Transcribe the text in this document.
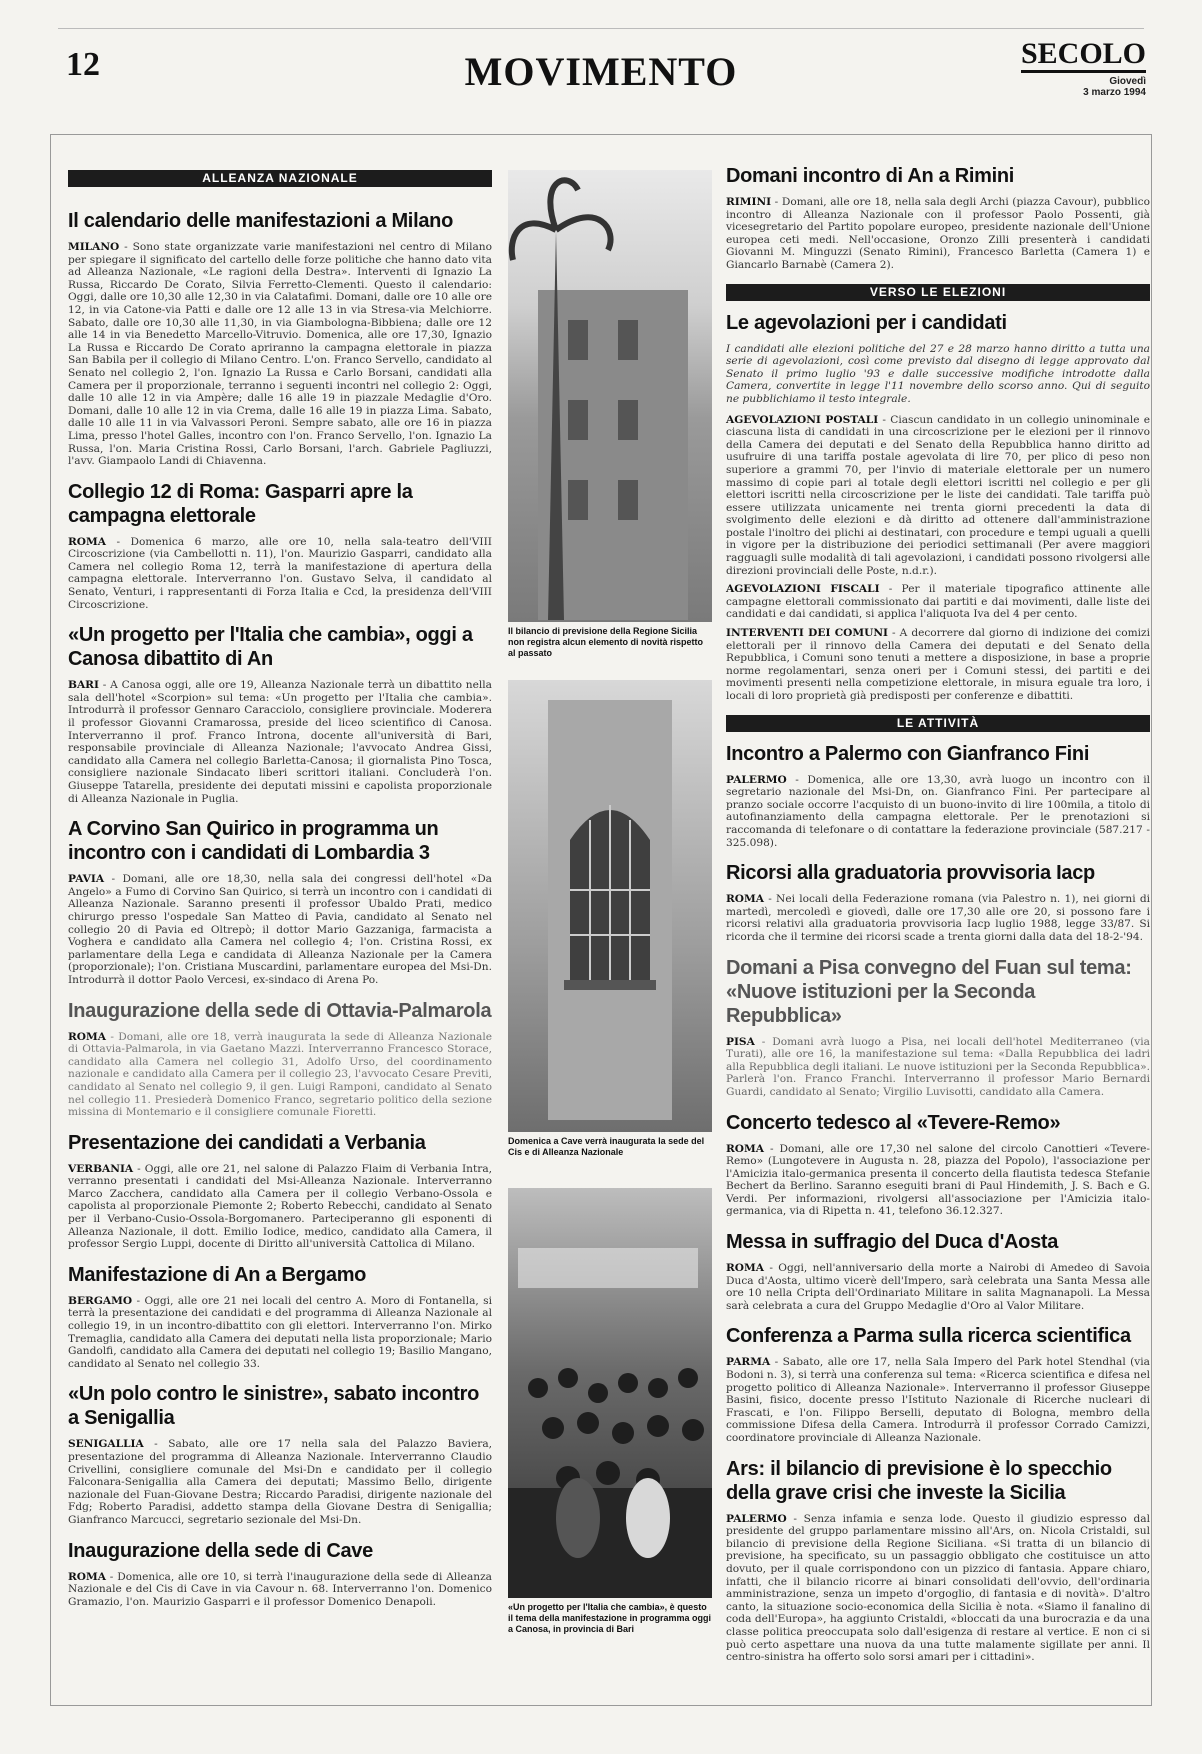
12	MOVIMENTO	SECOLO
Giovedì
3 marzo 1994
ALLEANZA NAZIONALE
Il calendario delle manifestazioni a Milano

MILANO - Sono state organizzate varie manifestazioni nel centro di Milano per spiegare il significato del cartello delle forze politiche che hanno dato vita ad Alleanza Nazionale, «Le ragioni della Destra». Interventi di Ignazio La Russa, Riccardo De Corato, Silvia Ferretto-Clementi. Questo il calendario: Oggi, dalle ore 10,30 alle 12,30 in via Calatafimi. Domani, dalle ore 10 alle ore 12, in via Catone-via Patti e dalle ore 12 alle 13 in via Stresa-via Melchiorre. Sabato, dalle ore 10,30 alle 11,30, in via Giambologna-Bibbiena; dalle ore 12 alle 14 in via Benedetto Marcello-Vitruvio. Domenica, alle ore 17,30, Ignazio La Russa e Riccardo De Corato apriranno la campagna elettorale in piazza San Babila per il collegio di Milano Centro. L'on. Franco Servello, candidato al Senato nel collegio 2, l'on. Ignazio La Russa e Carlo Borsani, candidati alla Camera per il proporzionale, terranno i seguenti incontri nel collegio 2: Oggi, dalle 10 alle 12 in via Ampère; dalle 16 alle 19 in piazzale Medaglie d'Oro. Domani, dalle 10 alle 12 in via Crema, dalle 16 alle 19 in piazza Lima. Sabato, dalle 10 alle 11 in via Valvassori Peroni. Sempre sabato, alle ore 16 in piazza Lima, presso l'hotel Galles, incontro con l'on. Franco Servello, l'on. Ignazio La Russa, l'on. Maria Cristina Rossi, Carlo Borsani, l'arch. Gabriele Pagliuzzi, l'avv. Giampaolo Landi di Chiavenna.

Collegio 12 di Roma: Gasparri apre la campagna elettorale

ROMA - Domenica 6 marzo, alle ore 10, nella sala-teatro dell'VIII Circoscrizione (via Cambellotti n. 11), l'on. Maurizio Gasparri, candidato alla Camera nel collegio Roma 12, terrà la manifestazione di apertura della campagna elettorale. Interverranno l'on. Gustavo Selva, il candidato al Senato, Venturi, i rappresentanti di Forza Italia e Ccd, la presidenza dell'VIII Circoscrizione.

«Un progetto per l'Italia che cambia», oggi a Canosa dibattito di An

BARI - A Canosa oggi, alle ore 19, Alleanza Nazionale terrà un dibattito nella sala dell'hotel «Scorpion» sul tema: «Un progetto per l'Italia che cambia». Introdurrà il professor Gennaro Caracciolo, consigliere provinciale. Moderera il professor Giovanni Cramarossa, preside del liceo scientifico di Canosa. Interverranno il prof. Franco Introna, docente all'università di Bari, responsabile provinciale di Alleanza Nazionale; l'avvocato Andrea Gissi, candidato alla Camera nel collegio Barletta-Canosa; il giornalista Pino Tosca, consigliere nazionale Sindacato liberi scrittori italiani. Concluderà l'on. Giuseppe Tatarella, presidente dei deputati missini e capolista proporzionale di Alleanza Nazionale in Puglia.

A Corvino San Quirico in programma un incontro con i candidati di Lombardia 3

PAVIA - Domani, alle ore 18,30, nella sala dei congressi dell'hotel «Da Angelo» a Fumo di Corvino San Quirico, si terrà un incontro con i candidati di Alleanza Nazionale. Saranno presenti il professor Ubaldo Prati, medico chirurgo presso l'ospedale San Matteo di Pavia, candidato al Senato nel collegio 20 di Pavia ed Oltrepò; il dottor Mario Gazzaniga, farmacista a Voghera e candidato alla Camera nel collegio 4; l'on. Cristina Rossi, ex parlamentare della Lega e candidata di Alleanza Nazionale per la Camera (proporzionale); l'on. Cristiana Muscardini, parlamentare europea del Msi-Dn. Introdurrà il dottor Paolo Vercesi, ex-sindaco di Arena Po.

Inaugurazione della sede di Ottavia-Palmarola

ROMA - Domani, alle ore 18, verrà inaugurata la sede di Alleanza Nazionale di Ottavia-Palmarola, in via Gaetano Mazzi. Interverranno Francesco Storace, candidato alla Camera nel collegio 31, Adolfo Urso, del coordinamento nazionale e candidato alla Camera per il collegio 23, l'avvocato Cesare Previti, candidato al Senato nel collegio 9, il gen. Luigi Ramponi, candidato al Senato nel collegio 11. Presiederà Domenico Franco, segretario politico della sezione missina di Montemario e il consigliere comunale Fioretti.

Presentazione dei candidati a Verbania

VERBANIA - Oggi, alle ore 21, nel salone di Palazzo Flaim di Verbania Intra, verranno presentati i candidati del Msi-Alleanza Nazionale. Interverranno Marco Zacchera, candidato alla Camera per il collegio Verbano-Ossola e capolista al proporzionale Piemonte 2; Roberto Rebecchi, candidato al Senato per il Verbano-Cusio-Ossola-Borgomanero. Parteciperanno gli esponenti di Alleanza Nazionale, il dott. Emilio Iodice, medico, candidato alla Camera, il professor Sergio Luppi, docente di Diritto all'università Cattolica di Milano.

Manifestazione di An a Bergamo

BERGAMO - Oggi, alle ore 21 nei locali del centro A. Moro di Fontanella, si terrà la presentazione dei candidati e del programma di Alleanza Nazionale al collegio 19, in un incontro-dibattito con gli elettori. Interverranno l'on. Mirko Tremaglia, candidato alla Camera dei deputati nella lista proporzionale; Mario Gandolfi, candidato alla Camera dei deputati nel collegio 19; Basilio Mangano, candidato al Senato nel collegio 33.

«Un polo contro le sinistre», sabato incontro a Senigallia

SENIGALLIA - Sabato, alle ore 17 nella sala del Palazzo Baviera, presentazione del programma di Alleanza Nazionale. Interverranno Claudio Crivellini, consigliere comunale del Msi-Dn e candidato per il collegio Falconara-Senigallia alla Camera dei deputati; Massimo Bello, dirigente nazionale del Fuan-Giovane Destra; Riccardo Paradisi, dirigente nazionale del Fdg; Roberto Paradisi, addetto stampa della Giovane Destra di Senigallia; Gianfranco Marcucci, segretario sezionale del Msi-Dn.

Inaugurazione della sede di Cave

ROMA - Domenica, alle ore 10, si terrà l'inaugurazione della sede di Alleanza Nazionale e del Cis di Cave in via Cavour n. 68. Interverranno l'on. Domenico Gramazio, l'on. Maurizio Gasparri e il professor Domenico Denapoli.

Il bilancio di previsione della Regione Sicilia non registra alcun elemento di novità rispetto al passato

Domenica a Cave verrà inaugurata la sede del Cis e di Alleanza Nazionale

«Un progetto per l'Italia che cambia», è questo il tema della manifestazione in programma oggi a Canosa, in provincia di Bari

Domani incontro di An a Rimini

RIMINI - Domani, alle ore 18, nella sala degli Archi (piazza Cavour), pubblico incontro di Alleanza Nazionale con il professor Paolo Possenti, già vicesegretario del Partito popolare europeo, presidente nazionale dell'Unione europea ceti medi. Nell'occasione, Oronzo Zilli presenterà i candidati Giovanni M. Minguzzi (Senato Rimini), Francesco Barletta (Camera 1) e Giancarlo Barnabè (Camera 2).

VERSO LE ELEZIONI
Le agevolazioni per i candidati

I candidati alle elezioni politiche del 27 e 28 marzo hanno diritto a tutta una serie di agevolazioni, così come previsto dal disegno di legge approvato dal Senato il primo luglio '93 e dalle successive modifiche introdotte dalla Camera, convertite in legge l'11 novembre dello scorso anno. Qui di seguito ne pubblichiamo il testo integrale.

AGEVOLAZIONI POSTALI - Ciascun candidato in un collegio uninominale e ciascuna lista di candidati in una circoscrizione per le elezioni per il rinnovo della Camera dei deputati e del Senato della Repubblica hanno diritto ad usufruire di una tariffa postale agevolata di lire 70, per plico di peso non superiore a grammi 70, per l'invio di materiale elettorale per un numero massimo di copie pari al totale degli elettori iscritti nel collegio e per gli elettori iscritti nella circoscrizione per le liste dei candidati. Tale tariffa può essere utilizzata unicamente nei trenta giorni precedenti la data di svolgimento delle elezioni e dà diritto ad ottenere dall'amministrazione postale l'inoltro dei plichi ai destinatari, con procedure e tempi uguali a quelli in vigore per la distribuzione dei periodici settimanali (Per avere maggiori ragguagli sulle modalità di tali agevolazioni, i candidati possono rivolgersi alle direzioni provinciali delle Poste, n.d.r.).

AGEVOLAZIONI FISCALI - Per il materiale tipografico attinente alle campagne elettorali commissionato dai partiti e dai movimenti, dalle liste dei candidati e dai candidati, si applica l'aliquota Iva del 4 per cento.

INTERVENTI DEI COMUNI - A decorrere dal giorno di indizione dei comizi elettorali per il rinnovo della Camera dei deputati e del Senato della Repubblica, i Comuni sono tenuti a mettere a disposizione, in base a proprie norme regolamentari, senza oneri per i Comuni stessi, dei partiti e dei movimenti presenti nella competizione elettorale, in misura eguale tra loro, i locali di loro proprietà già predisposti per conferenze e dibattiti.

LE ATTIVITÀ
Incontro a Palermo con Gianfranco Fini

PALERMO - Domenica, alle ore 13,30, avrà luogo un incontro con il segretario nazionale del Msi-Dn, on. Gianfranco Fini. Per partecipare al pranzo sociale occorre l'acquisto di un buono-invito di lire 100mila, a titolo di autofinanziamento della campagna elettorale. Per le prenotazioni si raccomanda di telefonare o di contattare la federazione provinciale (587.217 - 325.098).

Ricorsi alla graduatoria provvisoria Iacp

ROMA - Nei locali della Federazione romana (via Palestro n. 1), nei giorni di martedì, mercoledì e giovedì, dalle ore 17,30 alle ore 20, si possono fare i ricorsi relativi alla graduatoria provvisoria Iacp luglio 1988, legge 33/87. Si ricorda che il termine dei ricorsi scade a trenta giorni dalla data del 18-2-'94.

Domani a Pisa convegno del Fuan sul tema: «Nuove istituzioni per la Seconda Repubblica»

PISA - Domani avrà luogo a Pisa, nei locali dell'hotel Mediterraneo (via Turati), alle ore 16, la manifestazione sul tema: «Dalla Repubblica dei ladri alla Repubblica degli italiani. Le nuove istituzioni per la Seconda Repubblica». Parlerà l'on. Franco Franchi. Interverranno il professor Mario Bernardi Guardi, candidato al Senato; Virgilio Luvisotti, candidato alla Camera.

Concerto tedesco al «Tevere-Remo»

ROMA - Domani, alle ore 17,30 nel salone del circolo Canottieri «Tevere-Remo» (Lungotevere in Augusta n. 28, piazza del Popolo), l'associazione per l'Amicizia italo-germanica presenta il concerto della flautista tedesca Stefanie Bechert da Berlino. Saranno eseguiti brani di Paul Hindemith, J. S. Bach e G. Verdi. Per informazioni, rivolgersi all'associazione per l'Amicizia italo-germanica, via di Ripetta n. 41, telefono 36.12.327.

Messa in suffragio del Duca d'Aosta

ROMA - Oggi, nell'anniversario della morte a Nairobi di Amedeo di Savoia Duca d'Aosta, ultimo vicerè dell'Impero, sarà celebrata una Santa Messa alle ore 10 nella Cripta dell'Ordinariato Militare in salita Magnanapoli. La Messa sarà celebrata a cura del Gruppo Medaglie d'Oro al Valor Militare.

Conferenza a Parma sulla ricerca scientifica

PARMA - Sabato, alle ore 17, nella Sala Impero del Park hotel Stendhal (via Bodoni n. 3), si terrà una conferenza sul tema: «Ricerca scientifica e difesa nel progetto politico di Alleanza Nazionale». Interverranno il professor Giuseppe Basini, fisico, docente presso l'Istituto Nazionale di Ricerche nucleari di Frascati, e l'on. Filippo Berselli, deputato di Bologna, membro della commissione Difesa della Camera. Introdurrà il professor Corrado Camizzi, coordinatore provinciale di Alleanza Nazionale.

Ars: il bilancio di previsione è lo specchio della grave crisi che investe la Sicilia

PALERMO - Senza infamia e senza lode. Questo il giudizio espresso dal presidente del gruppo parlamentare missino all'Ars, on. Nicola Cristaldi, sul bilancio di previsione della Regione Siciliana. «Si tratta di un bilancio di previsione, ha specificato, su un passaggio obbligato che costituisce un atto dovuto, per il quale corrispondono con un pizzico di fantasia. Appare chiaro, infatti, che il bilancio ricorre ai binari consolidati dell'ovvio, dell'ordinaria amministrazione, senza un impeto d'orgoglio, di fantasia e di novità». D'altro canto, la situazione socio-economica della Sicilia è nota. «Siamo il fanalino di coda dell'Europa», ha aggiunto Cristaldi, «bloccati da una burocrazia e da una classe politica preoccupata solo dall'esigenza di restare al vertice. E non ci si può certo aspettare una nuova da una tutte malamente sigillate per anni. Il centro-sinistra ha offerto solo sorsi amari per i cittadini».
